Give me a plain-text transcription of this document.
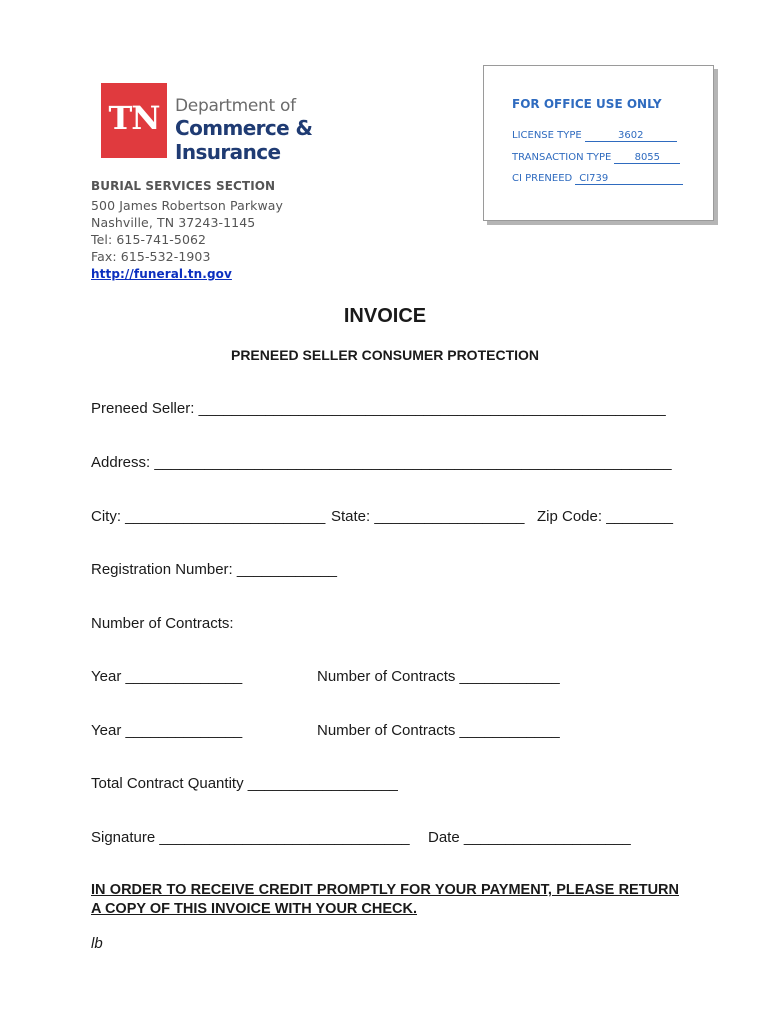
TN Department of
Commerce &
Insurance
BURIAL SERVICES SECTION
500 James Robertson Parkway
Nashville, TN 37243-1145
Tel: 615-741-5062
Fax: 615-532-1903
http://funeral.tn.gov
FOR OFFICE USE ONLY
LICENSE TYPE	3602
TRANSACTION TYPE 8055
CI PRENEED CI739
INVOICE
PRENEED SELLER CONSUMER PROTECTION
Preneed Seller: ________________________________________________________
Address: ______________________________________________________________
City: ________________________ State: __________________ Zip Code: ________
Registration Number: ____________
Number of Contracts:
Year ______________	Number of Contracts ____________
Year ______________	Number of Contracts ____________
Total Contract Quantity __________________
Signature ______________________________ Date ____________________
IN ORDER TO RECEIVE CREDIT PROMPTLY FOR YOUR PAYMENT, PLEASE RETURN A COPY OF THIS INVOICE WITH YOUR CHECK.
lb
